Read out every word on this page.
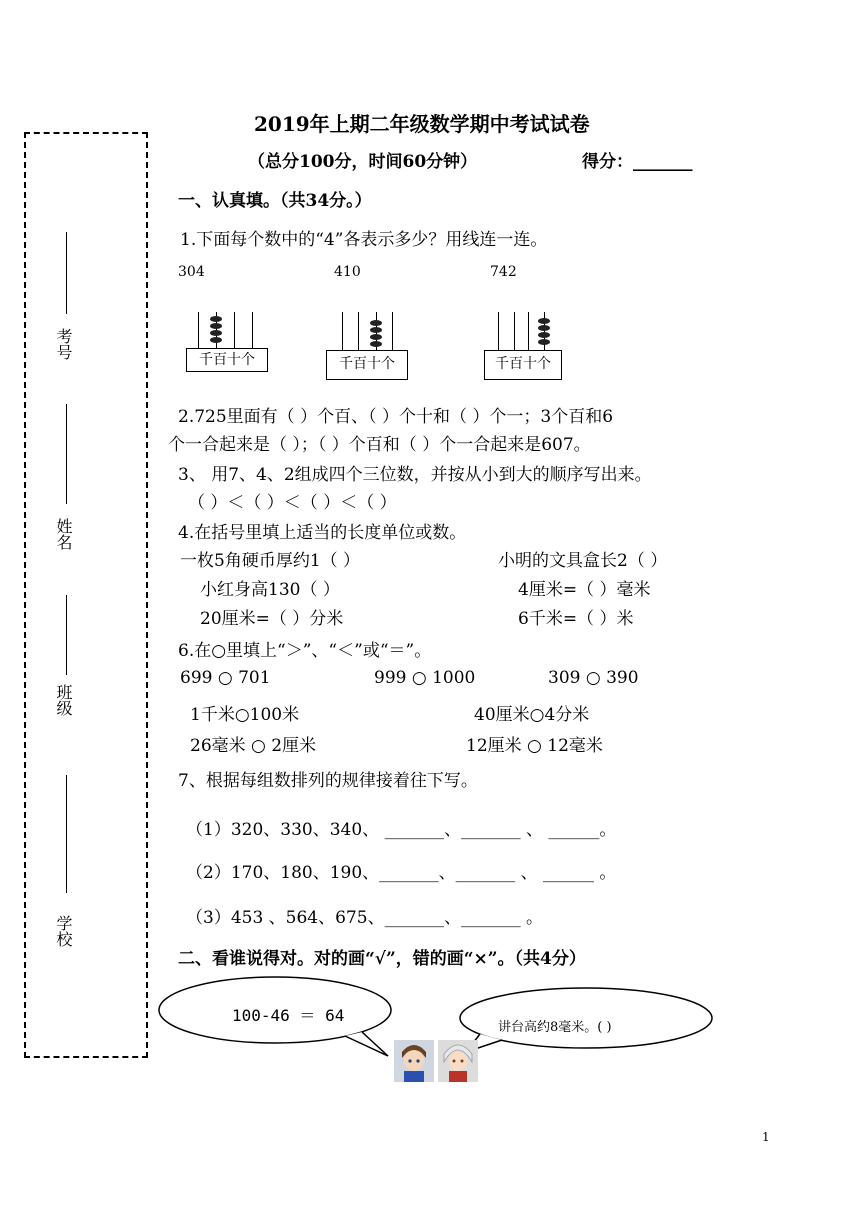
考号
姓名
班级
学校
2019年上期二年级数学期中考试试卷
（总分100分，时间60分钟）	得分：_______
一、认真填。（共34分。）
1.下面每个数中的“4”各表示多少？用线连一连。
304	410	742
千百十个	千百十个	千百十个
2.725里面有（ ）个百、（ ）个十和（ ）个一；3个百和6
个一合起来是（ ）；（ ）个百和（ ）个一合起来是607。
3、 用7、4、2组成四个三位数，并按从小到大的顺序写出来。
（ ）＜（ ）＜（ ）＜（ ）
4.在括号里填上适当的长度单位或数。
一枚5角硬币厚约1（ ）	小明的文具盒长2（ ）
小红身高130（ ）	4厘米=（ ）毫米
20厘米=（ ）分米	6千米=（ ）米
6.在○里填上“＞”、“＜”或“＝”。
699 ○ 701	999 ○ 1000	309 ○ 390
1千米○100米	40厘米○4分米
26毫米 ○ 2厘米	12厘米 ○ 12毫米
7、根据每组数排列的规律接着往下写。
（1）320、330、340、 _______、_______ 、 ______。
（2）170、180、190、_______、_______ 、 ______ 。
（3）453 、564、675、_______、_______ 。
二、看谁说得对。对的画“√”，错的画“×”。（共4分）
100-46 ＝ 64
讲台高约8毫米。( )
1
